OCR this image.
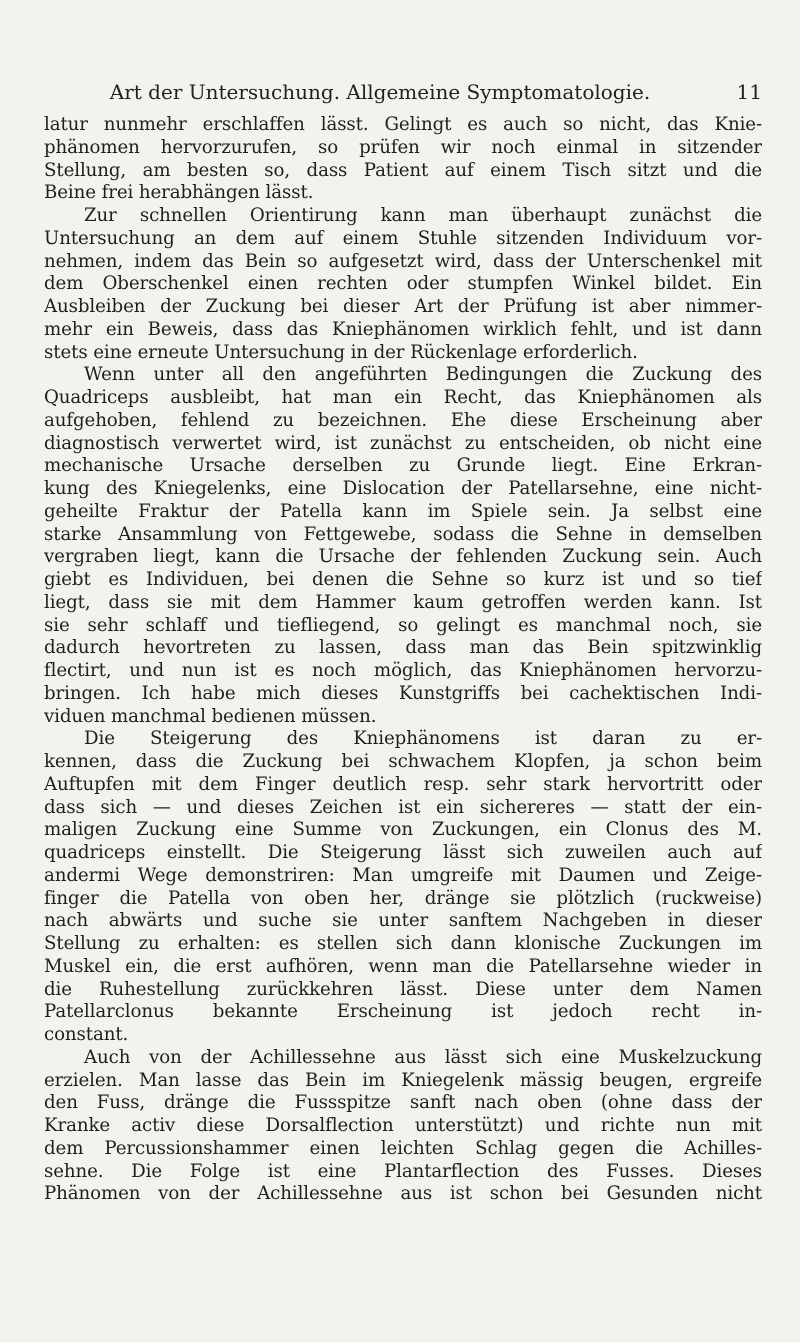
Art der Untersuchung. Allgemeine Symptomatologie.	11
latur nunmehr erschlaffen lässt. Gelingt es auch so nicht, das Knie-
phänomen hervorzurufen, so prüfen wir noch einmal in sitzender
Stellung, am besten so, dass Patient auf einem Tisch sitzt und die
Beine frei herabhängen lässt.
Zur schnellen Orientirung kann man überhaupt zunächst die
Untersuchung an dem auf einem Stuhle sitzenden Individuum vor-
nehmen, indem das Bein so aufgesetzt wird, dass der Unterschenkel mit
dem Oberschenkel einen rechten oder stumpfen Winkel bildet. Ein
Ausbleiben der Zuckung bei dieser Art der Prüfung ist aber nimmer-
mehr ein Beweis, dass das Kniephänomen wirklich fehlt, und ist dann
stets eine erneute Untersuchung in der Rückenlage erforderlich.
Wenn unter all den angeführten Bedingungen die Zuckung des
Quadriceps ausbleibt, hat man ein Recht, das Kniephänomen als
aufgehoben, fehlend zu bezeichnen. Ehe diese Erscheinung aber
diagnostisch verwertet wird, ist zunächst zu entscheiden, ob nicht eine
mechanische Ursache derselben zu Grunde liegt. Eine Erkran-
kung des Kniegelenks, eine Dislocation der Patellarsehne, eine nicht-
geheilte Fraktur der Patella kann im Spiele sein. Ja selbst eine
starke Ansammlung von Fettgewebe, sodass die Sehne in demselben
vergraben liegt, kann die Ursache der fehlenden Zuckung sein. Auch
giebt es Individuen, bei denen die Sehne so kurz ist und so tief
liegt, dass sie mit dem Hammer kaum getroffen werden kann. Ist
sie sehr schlaff und tiefliegend, so gelingt es manchmal noch, sie
dadurch hevortreten zu lassen, dass man das Bein spitzwinklig
flectirt, und nun ist es noch möglich, das Kniephänomen hervorzu-
bringen. Ich habe mich dieses Kunstgriffs bei cachektischen Indi-
viduen manchmal bedienen müssen.
Die Steigerung des Kniephänomens ist daran zu er-
kennen, dass die Zuckung bei schwachem Klopfen, ja schon beim
Auftupfen mit dem Finger deutlich resp. sehr stark hervortritt oder
dass sich — und dieses Zeichen ist ein sichereres — statt der ein-
maligen Zuckung eine Summe von Zuckungen, ein Clonus des M.
quadriceps einstellt. Die Steigerung lässt sich zuweilen auch auf
andermi Wege demonstriren: Man umgreife mit Daumen und Zeige-
finger die Patella von oben her, dränge sie plötzlich (ruckweise)
nach abwärts und suche sie unter sanftem Nachgeben in dieser
Stellung zu erhalten: es stellen sich dann klonische Zuckungen im
Muskel ein, die erst aufhören, wenn man die Patellarsehne wieder in
die Ruhestellung zurückkehren lässt. Diese unter dem Namen
Patellarclonus bekannte Erscheinung ist jedoch recht in-
constant.
Auch von der Achillessehne aus lässt sich eine Muskelzuckung
erzielen. Man lasse das Bein im Kniegelenk mässig beugen, ergreife
den Fuss, dränge die Fussspitze sanft nach oben (ohne dass der
Kranke activ diese Dorsalflection unterstützt) und richte nun mit
dem Percussionshammer einen leichten Schlag gegen die Achilles-
sehne. Die Folge ist eine Plantarflection des Fusses. Dieses
Phänomen von der Achillessehne aus ist schon bei Gesunden nicht
